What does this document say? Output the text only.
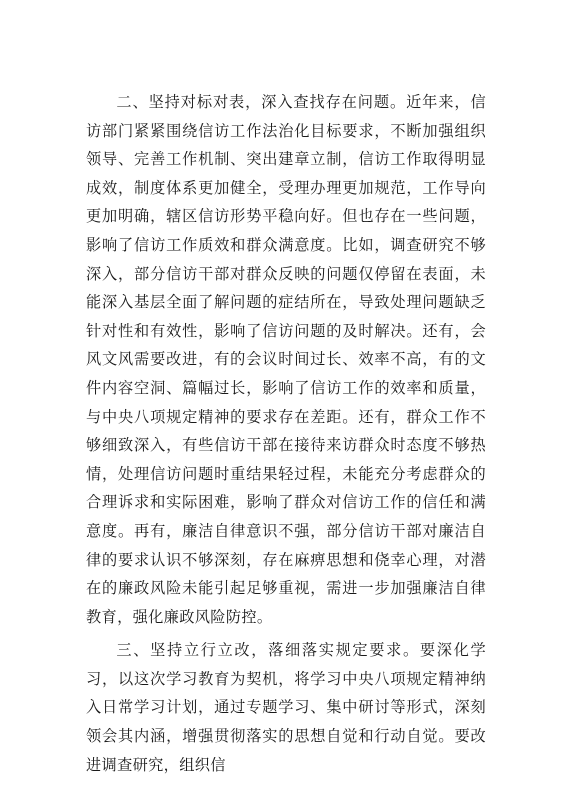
二、坚持对标对表，深入查找存在问题。近年来，信访部门紧紧围绕信访工作法治化目标要求，不断加强组织领导、完善工作机制、突出建章立制，信访工作取得明显成效，制度体系更加健全，受理办理更加规范，工作导向更加明确，辖区信访形势平稳向好。但也存在一些问题，影响了信访工作质效和群众满意度。比如，调查研究不够深入，部分信访干部对群众反映的问题仅停留在表面，未能深入基层全面了解问题的症结所在，导致处理问题缺乏针对性和有效性，影响了信访问题的及时解决。还有，会风文风需要改进，有的会议时间过长、效率不高，有的文件内容空洞、篇幅过长，影响了信访工作的效率和质量，与中央八项规定精神的要求存在差距。还有，群众工作不够细致深入，有些信访干部在接待来访群众时态度不够热情，处理信访问题时重结果轻过程，未能充分考虑群众的合理诉求和实际困难，影响了群众对信访工作的信任和满意度。再有，廉洁自律意识不强，部分信访干部对廉洁自律的要求认识不够深刻，存在麻痹思想和侥幸心理，对潜在的廉政风险未能引起足够重视，需进一步加强廉洁自律教育，强化廉政风险防控。

三、坚持立行立改，落细落实规定要求。要深化学习，以这次学习教育为契机，将学习中央八项规定精神纳入日常学习计划，通过专题学习、集中研讨等形式，深刻领会其内涵，增强贯彻落实的思想自觉和行动自觉。要改进调查研究，组织信
